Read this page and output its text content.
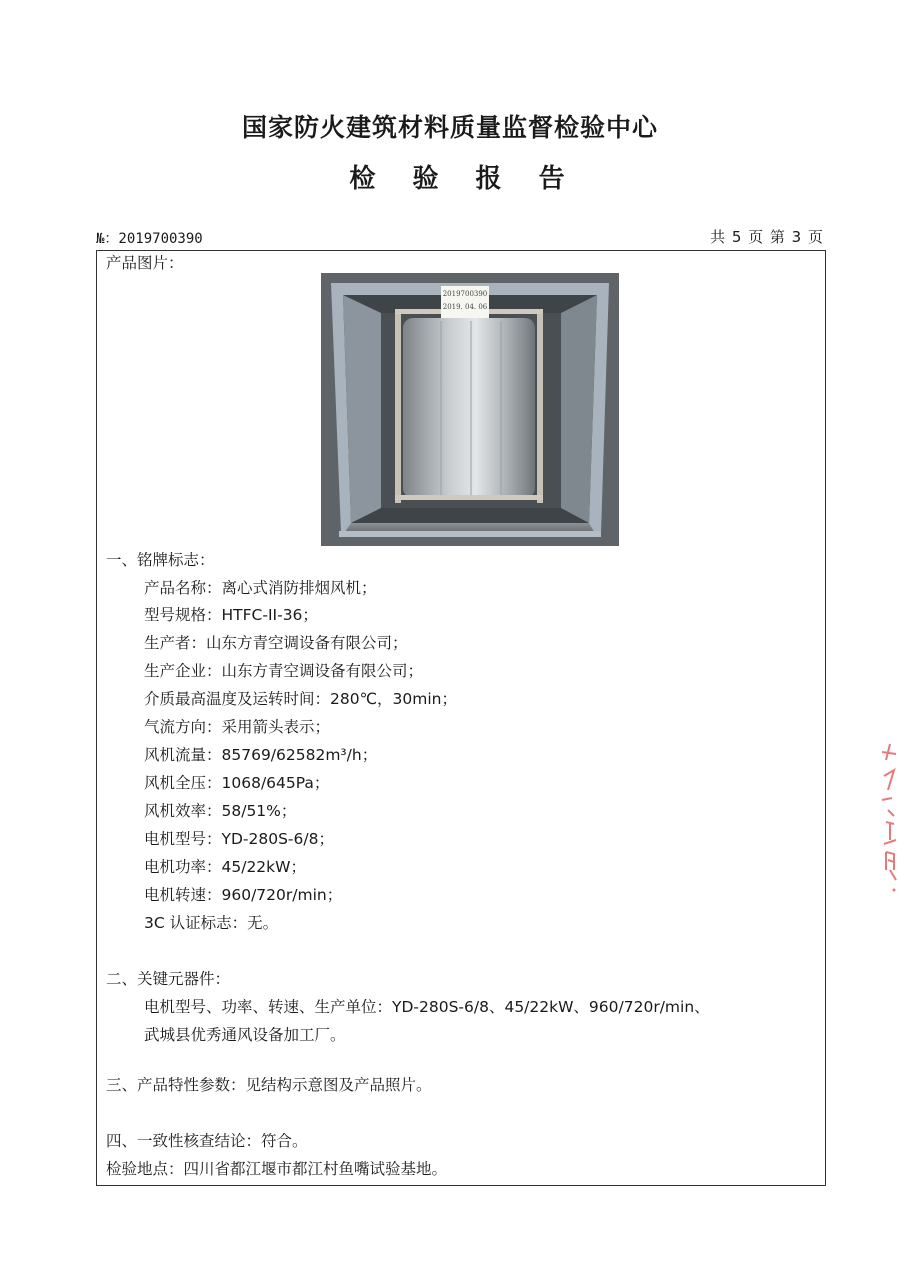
国家防火建筑材料质量监督检验中心
检 验 报 告
№：2019700390	共 5 页 第 3 页
产品图片：
2019700390
2019. 04. 06
一、铭牌标志：
产品名称：离心式消防排烟风机；
型号规格：HTFC-II-36；
生产者：山东方青空调设备有限公司；
生产企业：山东方青空调设备有限公司；
介质最高温度及运转时间：280℃，30min；
气流方向：采用箭头表示；
风机流量：85769/62582m³/h；
风机全压：1068/645Pa；
风机效率：58/51%；
电机型号：YD-280S-6/8；
电机功率：45/22kW；
电机转速：960/720r/min；
3C 认证标志：无。
二、关键元器件：
电机型号、功率、转速、生产单位：YD-280S-6/8、45/22kW、960/720r/min、
武城县优秀通风设备加工厂。
三、产品特性参数：见结构示意图及产品照片。
四、一致性核查结论：符合。
检验地点：四川省都江堰市都江村鱼嘴试验基地。
